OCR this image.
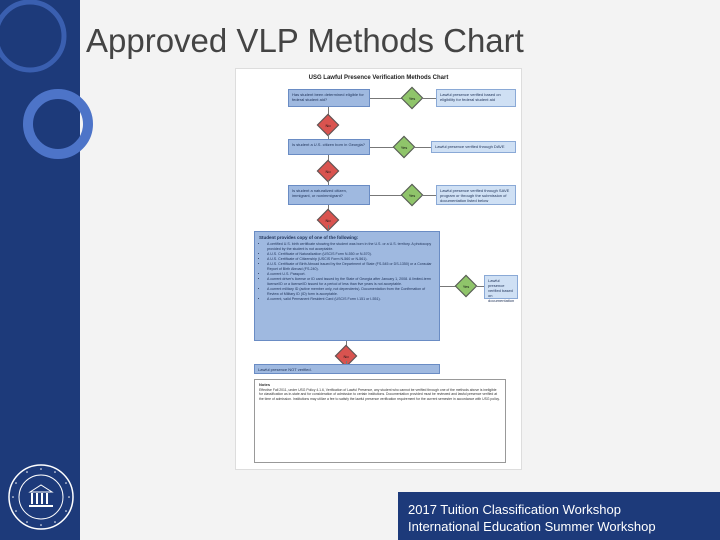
Approved VLP Methods Chart
USG Lawful Presence Verification Methods Chart
Has student been determined eligible for federal student aid?	Yes
Lawful presence verified based on eligibility for federal student aid
No
Is student a U.S. citizen born in Georgia?
Yes	Lawful presence verified through DAVE
No
Is student a naturalized citizen, immigrant, or nonimmigrant?	Yes
Lawful presence verified through SAVE program or through the submission of documentation listed below
No
Student provides copy of one of the following:
• A certified U.S. birth certificate showing the student was born in the U.S. or a U.S. territory. A photocopy provided by the student is not acceptable.
• A U.S. Certificate of Naturalization (USCIS Form N-550 or N-570).
• A U.S. Certificate of Citizenship (USCIS Form N-560 or N-561).
• A U.S. Certificate of Birth Abroad issued by the Department of State (FS-545 or DS-1350) or a Consular Report of Birth Abroad (FS-240).
• A current U.S. Passport.
• A current driver's license or ID card issued by the State of Georgia after January 1, 2008. A limited-term license/ID or a license/ID issued for a period of less than five years is not acceptable.
• A current military ID (active member only, not dependents). Documentation from the Confirmation of Review of Military ID (ID) form is acceptable.
• A current, valid Permanent Resident Card (USCIS Form I-151 or I-551).
Yes
Lawful presence verified based on documentation
No
Lawful presence NOT verified.
Notes
Effective Fall 2011, under USG Policy 4.1.6, Verification of Lawful Presence, any student who cannot be verified through one of the methods above is ineligible for classification as in-state and for consideration of admission to certain institutions. Documentation provided must be reviewed and lawful presence verified at the time of admission. Institutions may utilize a fee to satisfy the lawful presence verification requirement for the current semester in accordance with USG policy.
2017 Tuition Classification Workshop
International Education Summer Workshop
